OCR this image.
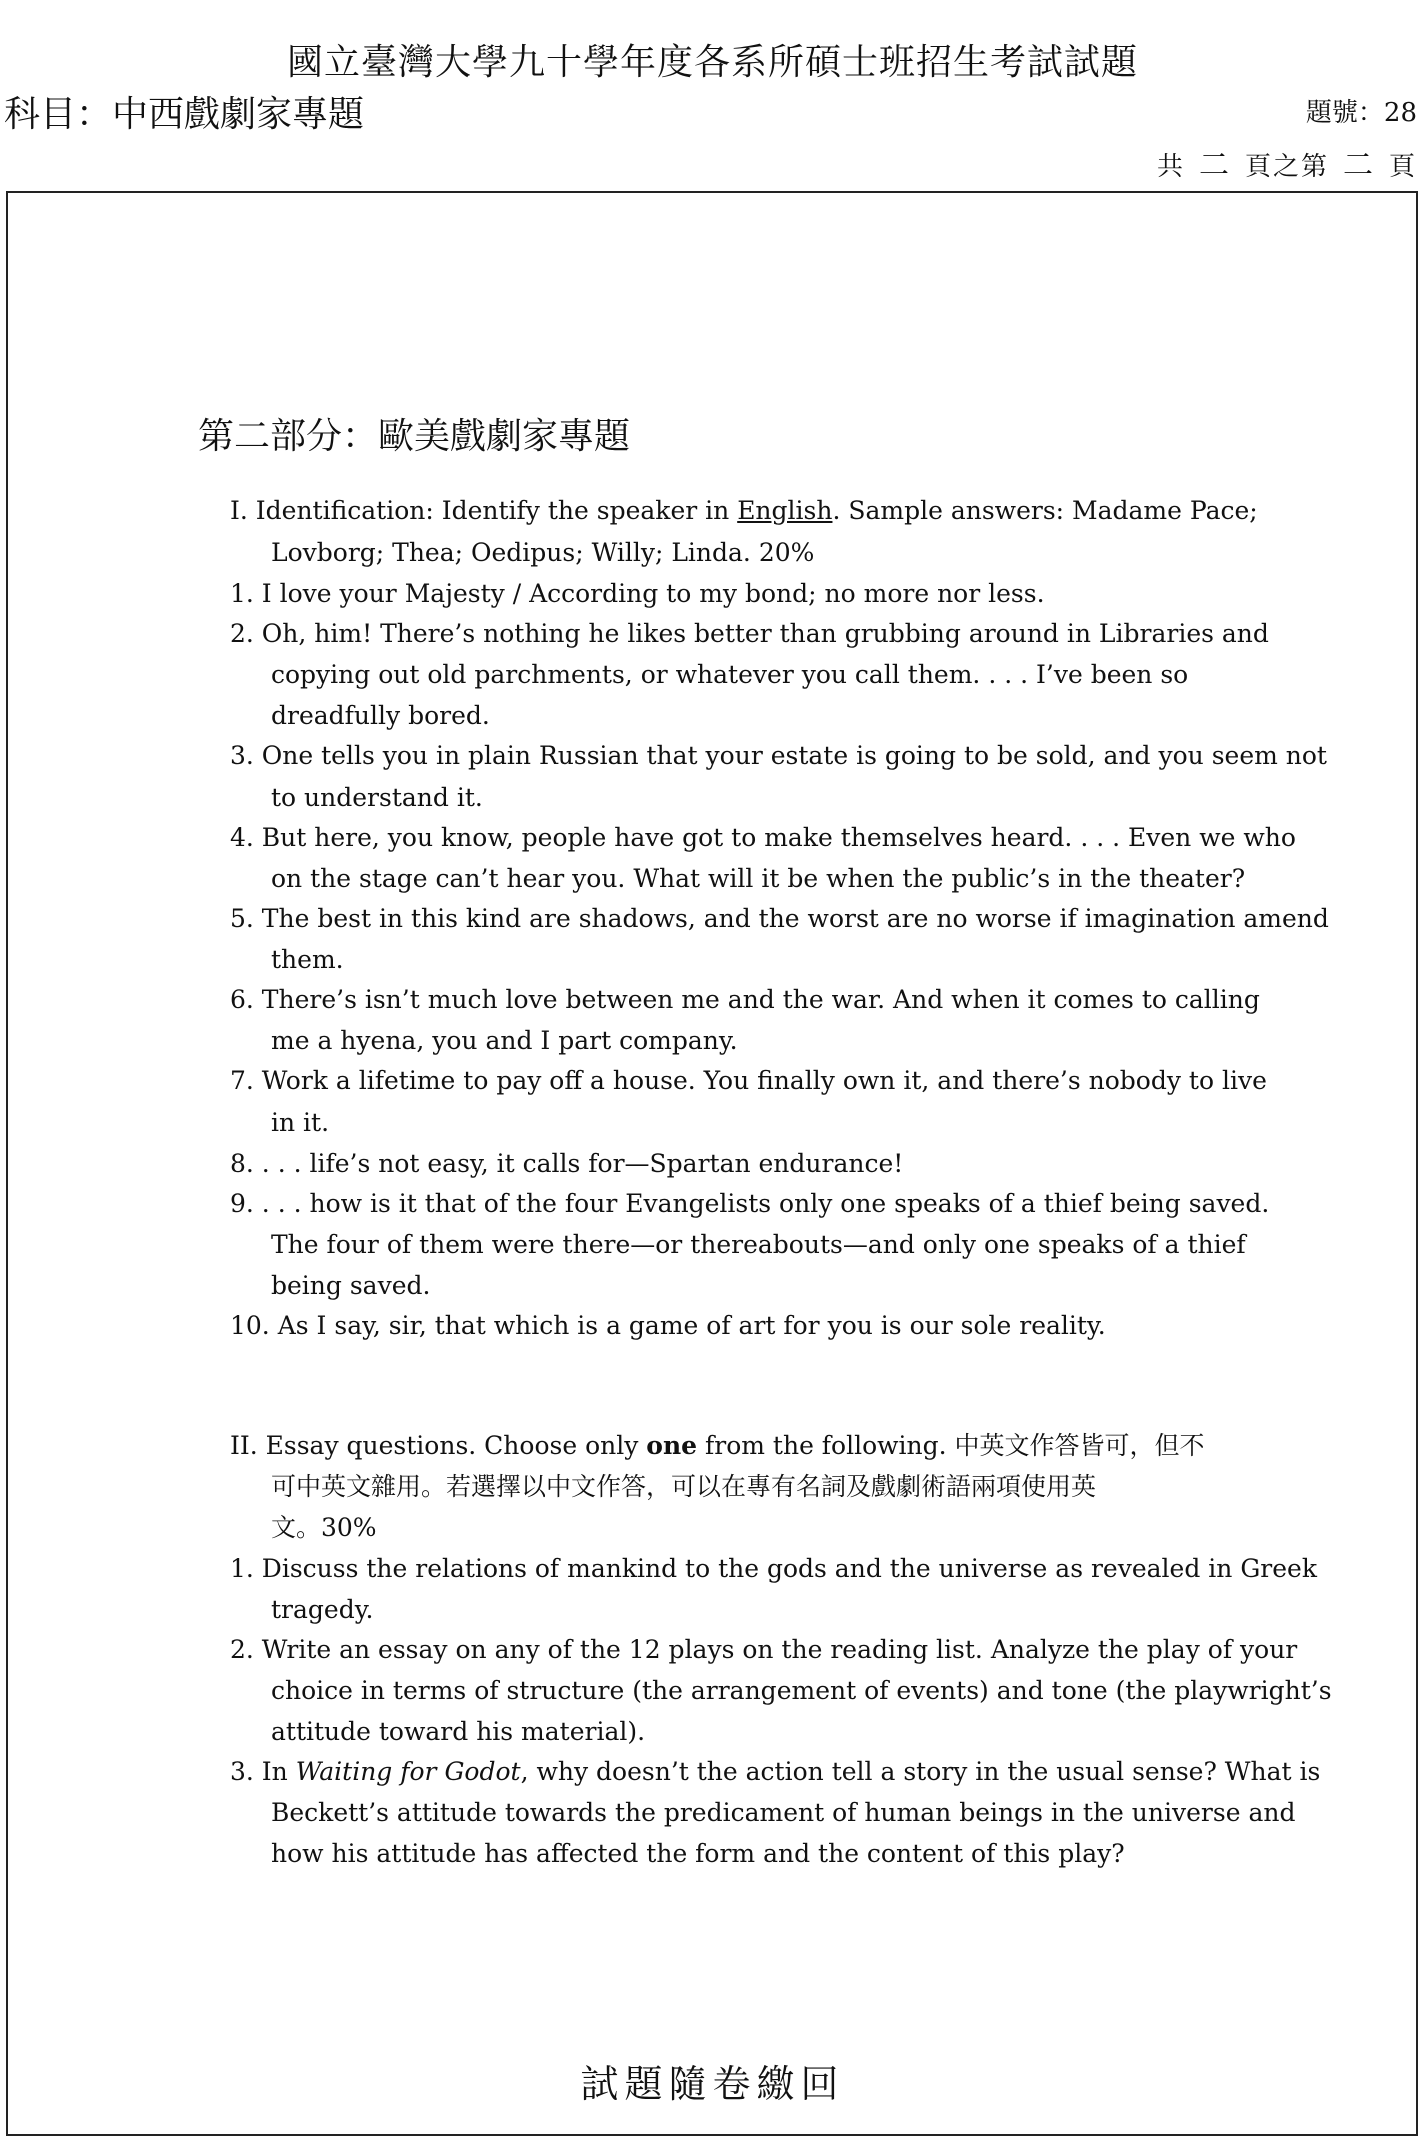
國立臺灣大學九十學年度各系所碩士班招生考試試題
科目：中西戲劇家專題	題號：28
共 二 頁之第 二 頁
第二部分：歐美戲劇家專題
I. Identification: Identify the speaker in English. Sample answers: Madame Pace;
Lovborg; Thea; Oedipus; Willy; Linda. 20%
1. I love your Majesty / According to my bond; no more nor less.
2. Oh, him! There’s nothing he likes better than grubbing around in Libraries and
copying out old parchments, or whatever you call them. . . . I’ve been so
dreadfully bored.
3. One tells you in plain Russian that your estate is going to be sold, and you seem not
to understand it.
4. But here, you know, people have got to make themselves heard. . . . Even we who
on the stage can’t hear you. What will it be when the public’s in the theater?
5. The best in this kind are shadows, and the worst are no worse if imagination amend
them.
6. There’s isn’t much love between me and the war. And when it comes to calling
me a hyena, you and I part company.
7. Work a lifetime to pay off a house. You finally own it, and there’s nobody to live
in it.
8. . . . life’s not easy, it calls for—Spartan endurance!
9. . . . how is it that of the four Evangelists only one speaks of a thief being saved.
The four of them were there—or thereabouts—and only one speaks of a thief
being saved.
10. As I say, sir, that which is a game of art for you is our sole reality.
II. Essay questions. Choose only one from the following. 中英文作答皆可，但不
可中英文雜用。若選擇以中文作答，可以在專有名詞及戲劇術語兩項使用英
文。30%
1. Discuss the relations of mankind to the gods and the universe as revealed in Greek
tragedy.
2. Write an essay on any of the 12 plays on the reading list. Analyze the play of your
choice in terms of structure (the arrangement of events) and tone (the playwright’s
attitude toward his material).
3. In Waiting for Godot, why doesn’t the action tell a story in the usual sense? What is
Beckett’s attitude towards the predicament of human beings in the universe and
how his attitude has affected the form and the content of this play?
試題隨卷繳回
